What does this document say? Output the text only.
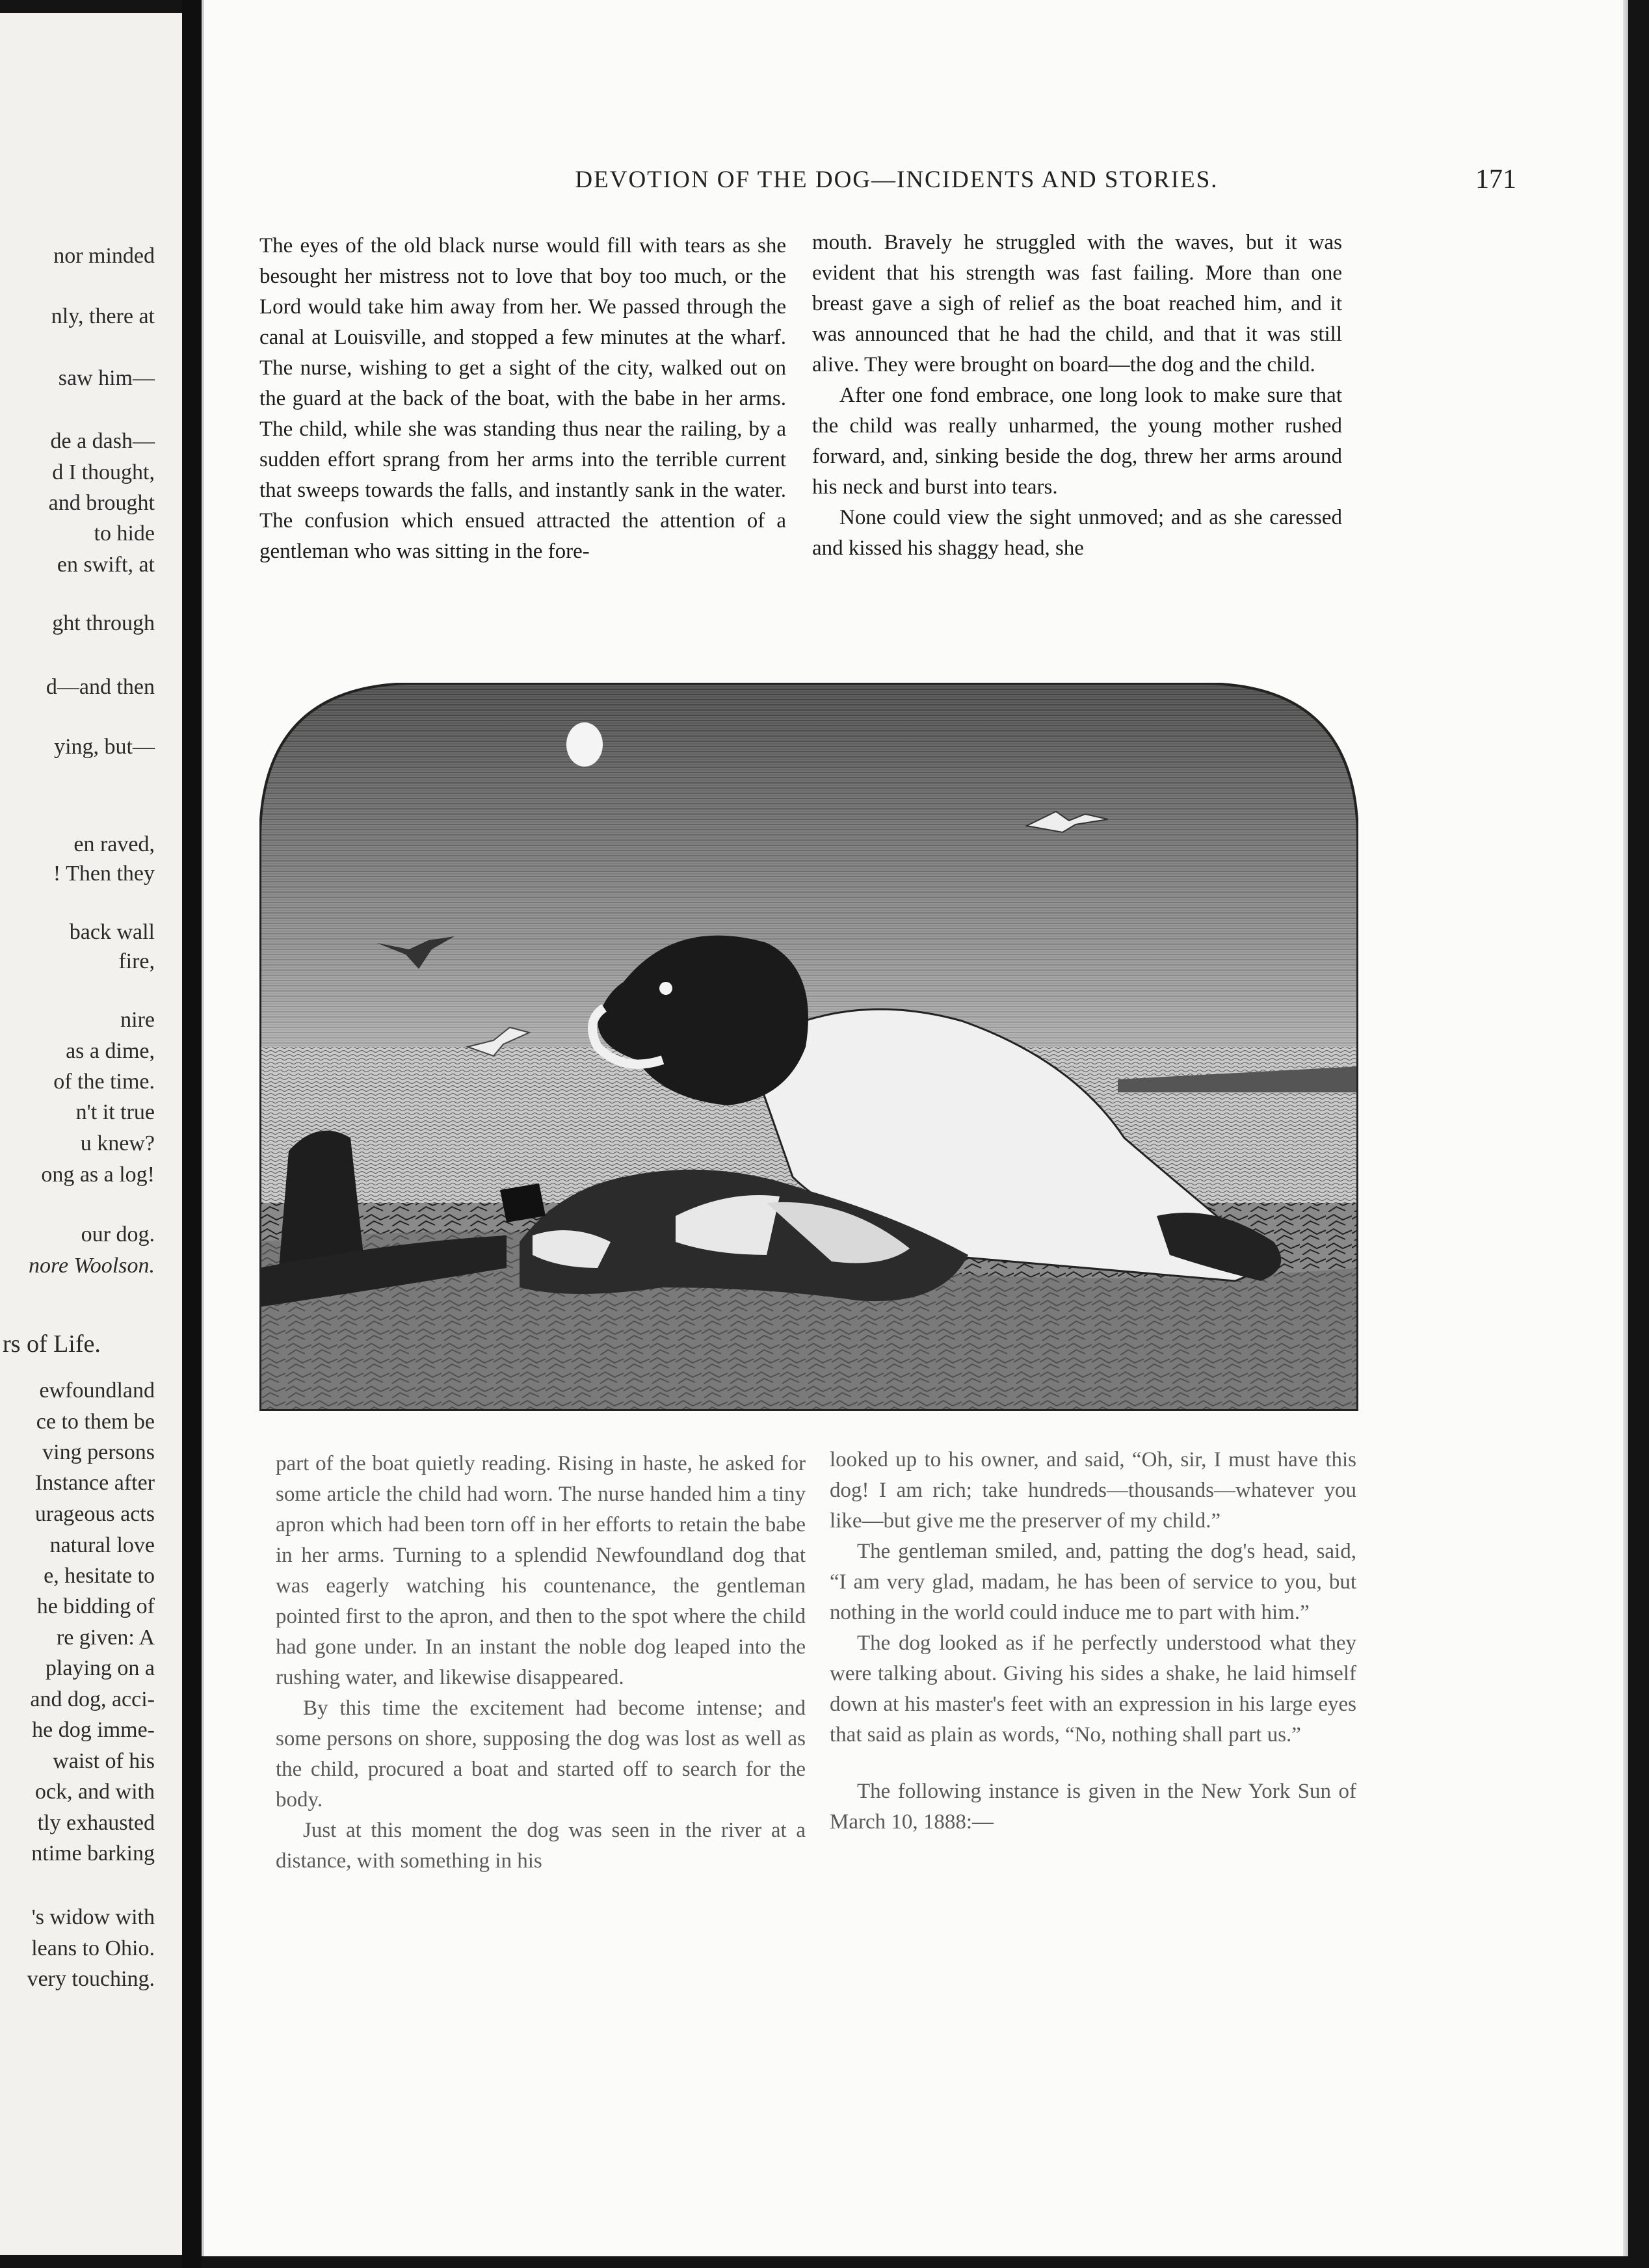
nor minded
nly, there at
saw him—
de a dash—
d I thought,
and brought
to hide
en swift, at
ght through
d—and then
ying, but—
en raved,
! Then they
back wall
fire,
nire
as a dime,
of the time.
n't it true
u knew?
ong as a log!
our dog.
nore Woolson.
rs of Life.
ewfoundland
ce to them be
ving persons
Instance after
urageous acts
natural love
e, hesitate to
he bidding of
re given: A
playing on a
and dog, acci-
he dog imme-
waist of his
ock, and with
tly exhausted
ntime barking
's widow with
leans to Ohio.
very touching.
DEVOTION OF THE DOG—INCIDENTS AND STORIES.	171

The eyes of the old black nurse would fill with tears as she besought her mistress not to love that boy too much, or the Lord would take him away from her. We passed through the canal at Louisville, and stopped a few minutes at the wharf. The nurse, wishing to get a sight of the city, walked out on the guard at the back of the boat, with the babe in her arms. The child, while she was standing thus near the railing, by a sudden effort sprang from her arms into the terrible current that sweeps towards the falls, and instantly sank in the water. The confusion which ensued attracted the attention of a gentleman who was sitting in the fore-

mouth. Bravely he struggled with the waves, but it was evident that his strength was fast failing. More than one breast gave a sigh of relief as the boat reached him, and it was announced that he had the child, and that it was still alive. They were brought on board—the dog and the child.

After one fond embrace, one long look to make sure that the child was really unharmed, the young mother rushed forward, and, sinking beside the dog, threw her arms around his neck and burst into tears.

None could view the sight unmoved; and as she caressed and kissed his shaggy head, she

part of the boat quietly reading. Rising in haste, he asked for some article the child had worn. The nurse handed him a tiny apron which had been torn off in her efforts to retain the babe in her arms. Turning to a splendid Newfoundland dog that was eagerly watching his countenance, the gentleman pointed first to the apron, and then to the spot where the child had gone under. In an instant the noble dog leaped into the rushing water, and likewise disappeared.

By this time the excitement had become intense; and some persons on shore, supposing the dog was lost as well as the child, procured a boat and started off to search for the body.

Just at this moment the dog was seen in the river at a distance, with something in his

looked up to his owner, and said, “Oh, sir, I must have this dog! I am rich; take hundreds—thousands—whatever you like—but give me the preserver of my child.”

The gentleman smiled, and, patting the dog's head, said, “I am very glad, madam, he has been of service to you, but nothing in the world could induce me to part with him.”

The dog looked as if he perfectly understood what they were talking about. Giving his sides a shake, he laid himself down at his master's feet with an expression in his large eyes that said as plain as words, “No, nothing shall part us.”

The following instance is given in the New York Sun of March 10, 1888:—
